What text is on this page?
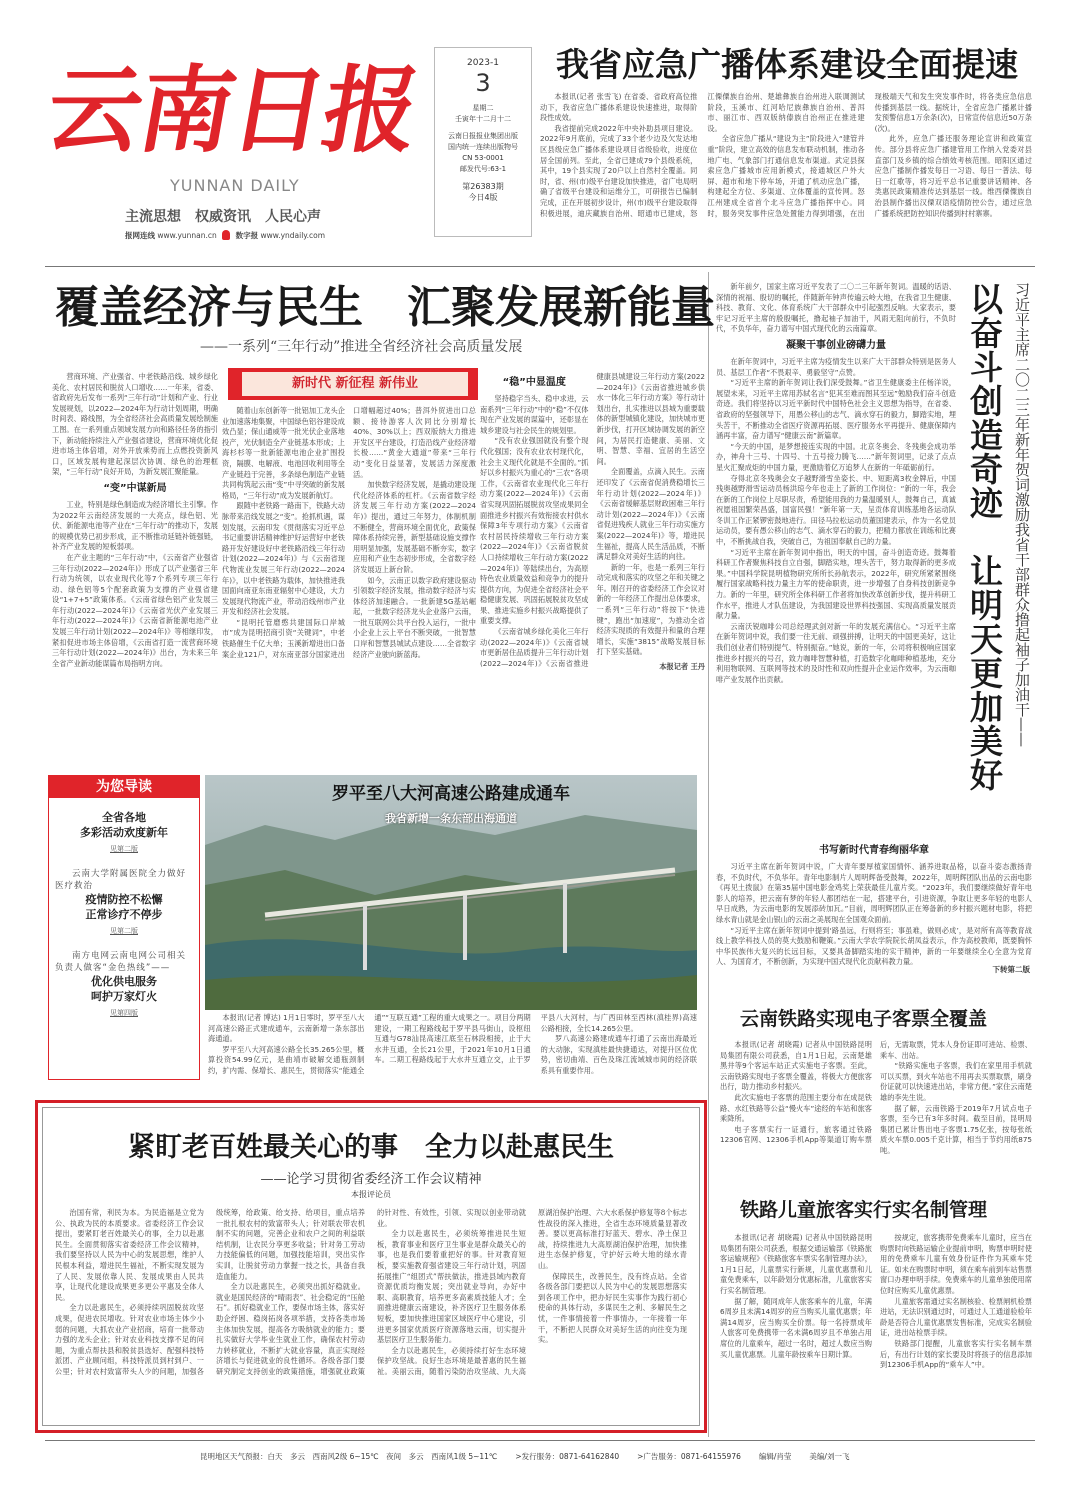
云南日报
YUNNAN DAILY
主流思想　权威资讯　人民心声
报网连线 www.yunnan.cn	数字报 www.yndaily.com
2023-1
3
星期二
壬寅年十二月十二
云南日报报业集团出版
国内统一连续出版物号
CN 53-0001
邮发代号:63-1
第26383期
今日4版
我省应急广播体系建设全面提速

本报讯(记者 张雪飞) 在省委、省政府高位推动下，我省应急广播体系建设快速推进，取得阶段性成效。

我省提前完成2022年中央补助县项目建设。2022年9月底前，完成了33个老少边及欠发达地区县级应急广播体系建设项目省级验收，进度位居全国前列。至此，全省已建成79个县级系统，其中，19个县实现了20户以上自然村全覆盖。同时，省、州(市)级平台建设加快推进，省广电局明确了省级平台建设和运维分工，可研报告已编制完成，正在开展初步设计，州(市)级平台建设取得积极进展，迪庆藏族自治州、昭通市已建成，怒江傈僳族自治州、楚雄彝族自治州进入联调测试阶段，玉溪市、红河哈尼族彝族自治州、普洱市、丽江市、西双版纳傣族自治州正在推进建设。

全省应急广播从“建设为主”阶段进入“建管并重”阶段，建立高效的信息发布联动机制，推动各地广电、气象部门打通信息发布渠道。武定县探索应急广播城市应用新模式，接通城区户外大屏、超市和地下停车场，开通了机动应急广播，构建起全方位、多渠道、立体覆盖的宣传网。怒江州建成全省首个北斗应急广播指挥中心。同时，服务突发事件应急处置能力得到增强，在出现极端天气和发生突发事件时，将各类应急信息传播到基层一线。据统计，全省应急广播累计播发预警信息1万余条(次)，日常宣传信息近50万条(次)。

此外，应急广播还服务理论宣讲和政策宣传。部分县将应急广播建管用工作纳入党委对县直部门及乡镇的综合绩效考核范围。昭阳区通过应急广播制作播发每日一习语、每日一普法、每日一红歌等，将习近平总书记重要讲话精神、各类惠民政策精准传达到基层一线。维西傈僳族自治县制作播出汉傈双语疫情防控公告，通过应急广播系统把防控知识传播到村村寨寨。

覆盖经济与民生　汇聚发展新能量
——一系列“三年行动”推进全省经济社会高质量发展

营商环境、产业强省、中老铁路沿线、城乡绿化美化、农村居民和脱贫人口增收……一年来，省委、省政府先后发布一系列“三年行动”计划和产业、行业发展规划，以2022—2024年为行动计划周期，明确时间表、路线图，为全省经济社会高质量发展绘制施工图。在一系列重点领域发展方向和路径任务的指引下，新动能持续注入产业强省建设，营商环境优化促进市场主体倍增，对外开放乘势而上点燃投资新风口，区域发展构建起深层次协调、绿色的治理框架，“三年行动”良好开局，为新发展汇聚能量。

“变”中谋新局

工业，特别是绿色制造成为经济增长主引擎。作为2022年云南经济发展的一大亮点，绿色铝、光伏、新能源电池等产业在“三年行动”的推动下，发展的规模优势已初步形成，正不断推动延链补链强链，补齐产业发展的短板弱项。

在产业主题的“三年行动”中，《云南省产业强省三年行动(2022—2024年)》形成了以产业强省三年行动为统领，以农业现代化等7个系列专项三年行动、绿色铝等5个配套政策为支撑的产业强省建设“1+7+5”政策体系。《云南省绿色铝产业发展三年行动(2022—2024年)》《云南省光伏产业发展三年行动(2022—2024年)》《云南省新能源电池产业发展三年行动计划(2022—2024年)》等相继印发，紧扣促进市场主体倍增，《云南省打造一流营商环境三年行动计划(2022—2024年)》出台，为未来三年全省产业新动能谋篇布局指明方向。

新时代 新征程 新伟业

随着山东创新等一批铝加工龙头企业加速落地集聚，中国绿色铝谷建设成效凸显；保山通威等一批光伏企业落地投产，光伏制造全产业链基本形成；上海杉杉等一批新能源电池企业扩围投资，隔膜、电解液、电池回收利用等全产业链趋于完善，多条绿色制造产业链共同构筑起云南“变”中寻突破的新发展格局，“三年行动”成为发展新航灯。

跟随中老铁路一路南下，铁路大动脉带来沿线发展之“变”。抢抓机遇，谋划发展，云南印发《贯彻落实习近平总书记重要讲话精神维护好运营好中老铁路开发好建设好中老铁路沿线三年行动计划(2022—2024年)》与《云南省现代物流业发展三年行动(2022—2024年)》，以中老铁路为载体，加快推进我国面向南亚东南亚辐射中心建设，大力发展现代物流产业，带动沿线州市产业开发和经济社会发展。

“昆明托管磨憨共建国际口岸城市”成为昆明招商引资“关键词”，中老铁路催生千亿大单；玉溪新增进出口备案企业121户，对东南亚部分国家进出口增幅超过40%；普洱外贸进出口总额、接待游客人次同比分别增长40%、30%以上；西双版纳大力推进开发区平台建设，打造沿线产业经济增长极……“黄金大通道”带来“三年行动”变化日益显著，发展活力深度激活。

加快数字经济发展，是撬动建设现代化经济体系的杠杆。《云南省数字经济发展三年行动方案(2022—2024年)》提出，通过三年努力，体制机制不断健全，营商环境全面优化，政策保障体系持续完善，新型基础设施支撑作用明显加强，发展基础不断夯实，数字应用和产业生态初步形成，全省数字经济发展迈上新台阶。

如今，云南正以数字政府建设驱动引领数字经济发展，推动数字经济与实体经济加速融合。一批新建5G基站崛起，一批数字经济龙头企业落户云南，一批互联网公共平台投入运行，一批中小企业上云上平台不断突破，一批智慧口岸和智慧县城试点建设……全省数字经济产业驶向新蓝海。

“稳”中显温度

坚持稳字当头、稳中求进，云南系列“三年行动”中的“稳”不仅体现在产业发展的谋篇中，还彰显在城乡建设与社会民生的规划里。

“没有农业强国就没有整个现代化强国；没有农业农村现代化，社会主义现代化就是不全面的。”抓好以乡村振兴为重心的“三农”各项工作，《云南省农业现代化三年行动方案(2022—2024年)》《云南省实现巩固拓展脱贫攻坚成果同全面推进乡村振兴有效衔接农村供水保障3年专项行动方案》《云南省农村居民持续增收三年行动方案(2022—2024年)》《云南省脱贫人口持续增收三年行动方案(2022—2024年)》等陆续出台，为高原特色农业质量效益和竞争力的提升提供方向，为促进全省经济社会平稳健康发展、巩固拓展脱贫攻坚成果、推进实施乡村振兴战略提供了重要支撑。

《云南省城乡绿化美化三年行动(2022—2024年)》《云南省城市更新居住品质提升三年行动计划(2022—2024年)》《云南省推进健康县城建设三年行动方案(2022—2024年)》《云南省推进城乡供水一体化三年行动方案》等行动计划出台，扎实推进以县城为重要载体的新型城镇化建设，加快城市更新步伐，打开区域协调发展的新空间，为居民打造健康、美丽、文明、智慧、幸福、宜居的生活空间。

全面覆盖，点滴入民生。云南还印发了《云南省促消费稳增长三年行动计划(2022—2024年)》《云南省缓解基层财政困难三年行动计划(2022—2024年)》《云南省促进残疾人就业三年行动实施方案(2022—2024年)》等，增进民生福祉，提高人民生活品质，不断满足群众对美好生活的向往。

新的一年，也是一系列三年行动完成和落实的攻坚之年和关键之年。刚召开的省委经济工作会议对新的一年经济工作提出总体要求，一系列“三年行动”将按下“快进键”，跑出“加速度”，为推动全省经济实现质的有效提升和量的合理增长，实施“3815”战略发展目标打下坚实基础。

本报记者 王丹

新年前夕，国家主席习近平发表了二〇二三年新年贺词。温暖的话语、深情的祝福、殷切的嘱托，伴随新年钟声传遍云岭大地，在我省卫生健康、科技、教育、文化、体育系统广大干部群众中引起强烈反响。大家表示，要牢记习近平主席的殷殷嘱托，撸起袖子加油干，风雨无阻向前行，不负时代，不负华年，奋力谱写中国式现代化的云南篇章。

凝聚干事创业磅礴力量

在新年贺词中，习近平主席为疫情发生以来广大干部群众特别是医务人员、基层工作者“不畏艰辛、勇毅坚守”点赞。

“习近平主席的新年贺词让我们深受鼓舞。”省卫生健康委主任杨洋说，展望未来，习近平主席用苏轼名言“犯其至难而图其至远”勉励我们奋斗创造奇迹。我们将坚持以习近平新时代中国特色社会主义思想为指导，在省委、省政府的坚强领导下，用愚公移山的志气、滴水穿石的毅力，脚踏实地，埋头苦干，不断推动全省医疗资源再拓展、医疗服务水平再提升、健康保障内涵再丰富，奋力谱写“健康云南”新篇章。

“今天的中国，是梦想接连实现的中国。北京冬奥会、冬残奥会成功举办，神舟十三号、十四号、十五号接力腾飞……”新年贺词里，记录了点点星火汇聚成炬的中国力量，更激励着亿万追梦人在新的一年砥砺前行。

夺得北京冬残奥会女子越野滑雪坐姿长、中、短距离3枚金牌后，中国残奥越野滑雪运动员杨洪琼今年也走上了新的工作岗位：“新的一年，我会在新的工作岗位上尽职尽责，希望能用我的力量温暖别人，鼓舞自己，真诚祝愿祖国繁荣昌盛，国富民强！”新年第一天，呈贡体育训练基地各运动队冬训工作正紧锣密鼓地进行。田径马拉松运动员董国建表示，作为一名党员运动员，要有愚公移山的志气、滴水穿石的毅力，把精力都放在训练和比赛中，不断挑战自我，突破自己，为祖国奉献自己的力量。

“习近平主席在新年贺词中指出，明天的中国，奋斗创造奇迹。鼓舞着科研工作者聚焦科技自立自强，脚踏实地，埋头苦干，努力取得新的更多成果。”中国科学院昆明植物研究所所长孙航表示，2022年，研究所紧紧围绕履行国家战略科技力量主力军的使命职责，进一步增强了自身科技创新竞争力。新的一年里，研究所全体科研工作者将加快改革创新步伐，提升科研工作水平，推进人才队伍建设，为我国建设世界科技强国、实现高质量发展贡献力量。

云南沃锐咖啡公司总经理武剑对新一年的发展充满信心。“习近平主席在新年贺词中说，我们要一往无前、顽强拼搏，让明天的中国更美好，这让我们创业者们特别提气、特别振奋。”她说，新的一年，公司将积极响应国家推进乡村振兴的号召，致力咖啡智慧种植，打造数字化咖啡种植基地，充分利用物联网、互联网等技术的及时性和双向性提升企业运作效率，为云南咖啡产业发展作出贡献。	以奋斗创造奇迹　让明天更加美好 习近平主席二〇二三年新年贺词激励我省干部群众撸起袖子加油干——
书写新时代青春绚丽华章

习近平主席在新年贺词中说，广大青年要厚植家国情怀、涵养进取品格，以奋斗姿态激扬青春，不负时代，不负华年。青年电影制片人周明辉备受鼓舞，2022年，周明辉团队出品的云南电影《再见土拨鼠》在第35届中国电影金鸡奖上荣获最佳儿童片奖。“2023年，我们要继续做好青年电影人的培养，把云南有梦的年轻人都团结在一起，搭建平台，引进资源，争取让更多年轻的电影人早日成熟，为云南电影的发展添砖加瓦。”目前，周明辉团队正在筹备新的乡村振兴题材电影，将把绿水青山就是金山银山的云南之美展现在全国观众面前。

“习近平主席在新年贺词中提到‘路虽远，行则将至；事虽难，做则必成’，是对所有高等教育战线上教学科技人员的莫大鼓励和鞭策。”云南大学农学院院长胡凤益表示，作为高校教师，既要胸怀中华民族伟大复兴的长远目标，又要具备脚踏实地的实干精神，新的一年要继续全心全意为党育人、为国育才，不断创新，为实现中国式现代化贡献科教力量。

下转第二版
为您导读
全省各地
多彩活动欢度新年
见第二版
云南大学附属医院全力做好医疗救治
疫情防控不松懈
正常诊疗不停步
见第二版
南方电网云南电网公司相关负责人做客“金色热线”——
优化供电服务
呵护万家灯火
见第四版
罗平至八大河高速公路建成通车
我省新增一条东部出海通道

本报讯(记者 博达) 1月1日零时，罗平至八大河高速公路正式建成通车，云南新增一条东部出海通道。

罗平至八大河高速公路全长35.265公里，概算投资54.99亿元，是曲靖市破解交通瓶颈制约，扩内需、保增长、惠民生，贯彻落实“能通全通”“互联互通”工程的重大成果之一。项目分两期建设，一期工程路线起于罗平县马街山，设枢纽互通与G78汕昆高速江底至石林段相接，止于大水井互通，全长21公里，于2021年10月1日通车。二期工程路线起于大水井互通立交，止于罗平县八大河村，与广西田林至西林(滇桂界)高速公路相接，全长14.265公里。

罗八高速公路建成通车打通了云南出海最近的大动脉，实现滇桂最快捷通达，对提升区位优势，密切曲靖、百色及珠江流域城市间的经济联系具有重要作用。

紧盯老百姓最关心的事　全力以赴惠民生
——论学习贯彻省委经济工作会议精神
本报评论员

治国有常，利民为本。为民造福是立党为公、执政为民的本质要求。省委经济工作会议提出，要紧盯老百姓最关心的事，全力以赴惠民生。全面贯彻落实省委经济工作会议精神，我们要坚持以人民为中心的发展思想，维护人民根本利益，增进民生福祉，不断实现发展为了人民、发展依靠人民、发展成果由人民共享，让现代化建设成果更多更公平惠及全体人民。

全力以赴惠民生，必须持续巩固脱贫攻坚成果，促进农民增收。针对农业市场主体少小弱的问题，大抓农业产业招商，培育一批带动力强的龙头企业；针对农业科技支撑不足的问题，为重点帮扶县和脱贫县选好、配强科技特派团、产业顾问组，科技特派员到村到户、一公里；针对农村致富带头人少的问题，加强各级统筹，给政策、给支持、给项目，重点培养一批扎根农村的致富带头人；针对联农带农机制不实的问题，完善企业和农户之间的利益联结机制，让农民分享更多收益；针对务工劳动力技能偏低的问题，加强技能培训，突出实作实训，让脱贫劳动力掌握一技之长，具备自我造血能力。

全力以赴惠民生，必须突出抓好稳就业。就业是国民经济的“晴雨表”、社会稳定的“压舱石”。抓好稳就业工作，要保市场主体，落实好助企纾困、稳岗拓岗各项举措，支持各类市场主体加快发展，提高各方吸纳就业的能力；要扎实做好大学毕业生就业工作，确保农村劳动力转移就业，不断扩大就业容量，真正实现经济增长与促进就业的良性循环。各级各部门要研究制定支持创业的政策措施，增强就业政策的针对性、有效性，引领、实现以创业带动就业。

全力以赴惠民生，必须统筹推进民生短板，教育事业和医疗卫生事业是群众最关心的事，也是我们要着重把好的事。针对教育短板，要实施教育强省建设三年行动计划，巩固拓展推广“组团式”帮扶做法，推进县域内教育资源优质均衡发展；突出就业导向，办好中职、高职教育，培养更多高素质技能人才；全面推进健康云南建设，补齐医疗卫生服务体系短板，要加快推进国家区域医疗中心建设，引进更多国家优质医疗资源落地云南，切实提升基层医疗卫生服务能力。

全力以赴惠民生，必须持续打好生态环境保护攻坚战。良好生态环境是最普惠的民生福祉。美丽云南，随着污染防治攻坚战、九大高原湖泊保护治理、六大水系保护修复等8个标志性战役的深入推进，全省生态环境质量显著改善。要以更高标准打好蓝天、碧水、净土保卫战，持续推进九大高原湖泊保护治理，加快推进生态保护修复，守护好云岭大地的绿水青山。

保障民生，改善民生，没有终点站。全省各级各部门要把以人民为中心的发展思想落实到各项工作中，把办好民生实事作为践行初心使命的具体行动，多谋民生之利、多解民生之忧，一件事情接着一件事情办，一年接着一年干，不断把人民群众对美好生活的向往变为现实。

云南铁路实现电子客票全覆盖

本报讯(记者 胡晓霞) 记者从中国铁路昆明局集团有限公司获悉，自1月1日起，云南楚雄黑井等9个客运车站正式实施电子客票。至此，云南铁路实现电子客票全覆盖，将极大方便旅客出行，助力推动乡村振兴。

此次实施电子客票的范围主要分布在成昆铁路、水红铁路等公益“慢火车”途经的车站和旅客乘降所。

电子客票实行一证通行，旅客通过铁路12306官网、12306手机App等渠道订购车票后，无需取票，凭本人身份证即可进站、检票、乘车、出站。

“铁路实施电子客票，我们在家里用手机就可以买票，到火车站也不用再去买票取票，刷身份证就可以快速进出站，非常方便。”家住云南楚雄的李先生说。

据了解，云南铁路于2019年7月试点电子客票，至今已有3年多时间。截至目前，昆明局集团已累计售出电子客票1.75亿张，按每张纸质火车票0.005千克计算，相当于节约用纸875吨。

铁路儿童旅客实行实名制管理

本报讯(记者 胡晓霞) 记者从中国铁路昆明局集团有限公司获悉，根据交通运输部《铁路旅客运输规程》《铁路旅客车票实名制管理办法》，1月1日起，儿童票实行新规，儿童优惠票和儿童免费乘车，以年龄划分优惠标准，儿童旅客实行实名制管理。

据了解，随同成年人旅客乘车的儿童，年满6周岁且未满14周岁的应当购买儿童优惠票；年满14周岁，应当购买全价票。每一名持票成年人旅客可免费携带一名未满6周岁且不单独占用席位的儿童乘车，超过一名时，超过人数应当购买儿童优惠票。儿童年龄按乘车日期计算。

按规定，旅客携带免费乘车儿童时，应当在购票时向铁路运输企业提前申明，购票申明时使用的免费乘车儿童有效身份证件作为其乘车凭证。如未在购票时申明，须在乘车前到车站售票窗口办理申明手续。免费乘车的儿童单独使用席位时应购买儿童优惠票。

儿童旅客需通过实名制核验、检票闸机检票进站，无法识别通过时，可通过人工通道验检年龄是否符合儿童优惠票发售标准，完成实名制验证，进出站检票手续。

铁路部门提醒，儿童旅客实行实名制车票后，有出行计划的家长要及时将孩子的信息添加到12306手机App的“乘车人”中。

昆明地区天气预报：白天　多云　西南风2级 6~15℃　夜间　多云　西南风1级 5~11℃ >发行服务：0871-64162840 >广告服务：0871-64155976 编辑/肖莹 美编/刘一飞
